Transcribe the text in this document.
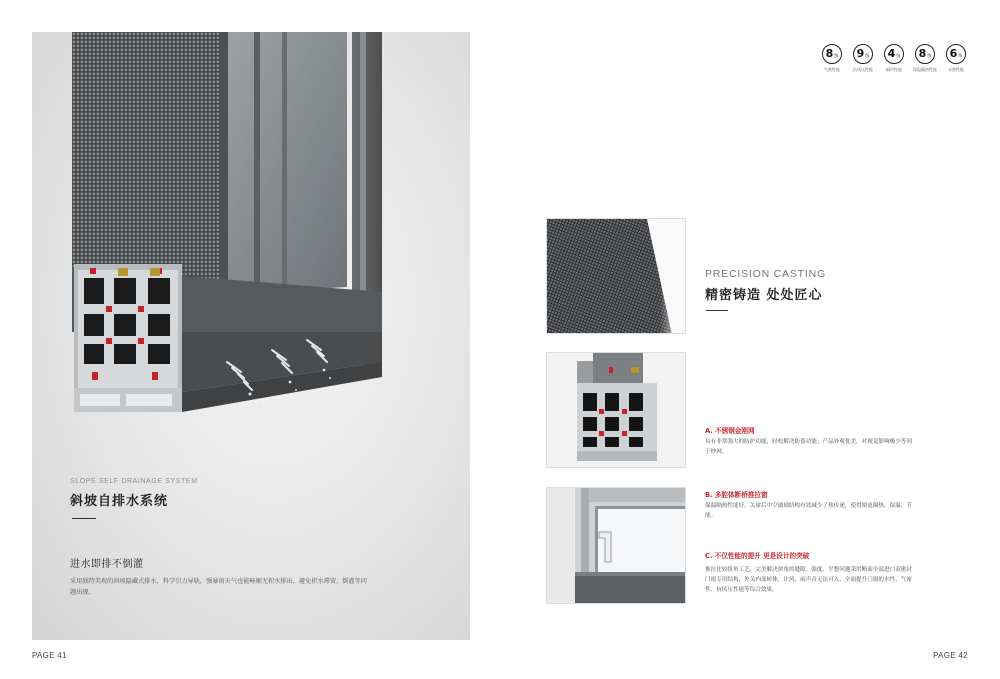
SLOPE SELF DRAINAGE SYSTEM
斜坡自排水系统
进水即排不倒灌
采用独特美观的斜坡隐藏式排水，科学引力导轨，强暴雨天气也能畅顺无积水排出，避免积水滞留，倒灌等问题出现。
PAGE 41
8 级
气密性能
9 级
抗风压性能
4 级
隔声性能
8 级
保温隔热性能
6 级
水密性能
PRECISION CASTING
精密铸造 处处匠心
A. 不锈钢金刚网
具有非常强大的防护功能，轻松解决防盗功能；产品外观优美，对视觉影响极少等同于纱网。
B. 多腔体断桥推拉窗
保温隔热性能好，关窗后中空玻璃结构有效减少了热传递，使得窗更隔热、保温、节能。
C. 不仅性能的提升 更是设计的突破
推拉比较组角工艺，完美解决拼角的缝隙、强度、平整问题采用断面全部进口双密封门窗专用结构，外关内部转体，让风、雨声音无法可入，全面提升门窗的水性、气密性、抗风压性能等综合效果。
PAGE 42
